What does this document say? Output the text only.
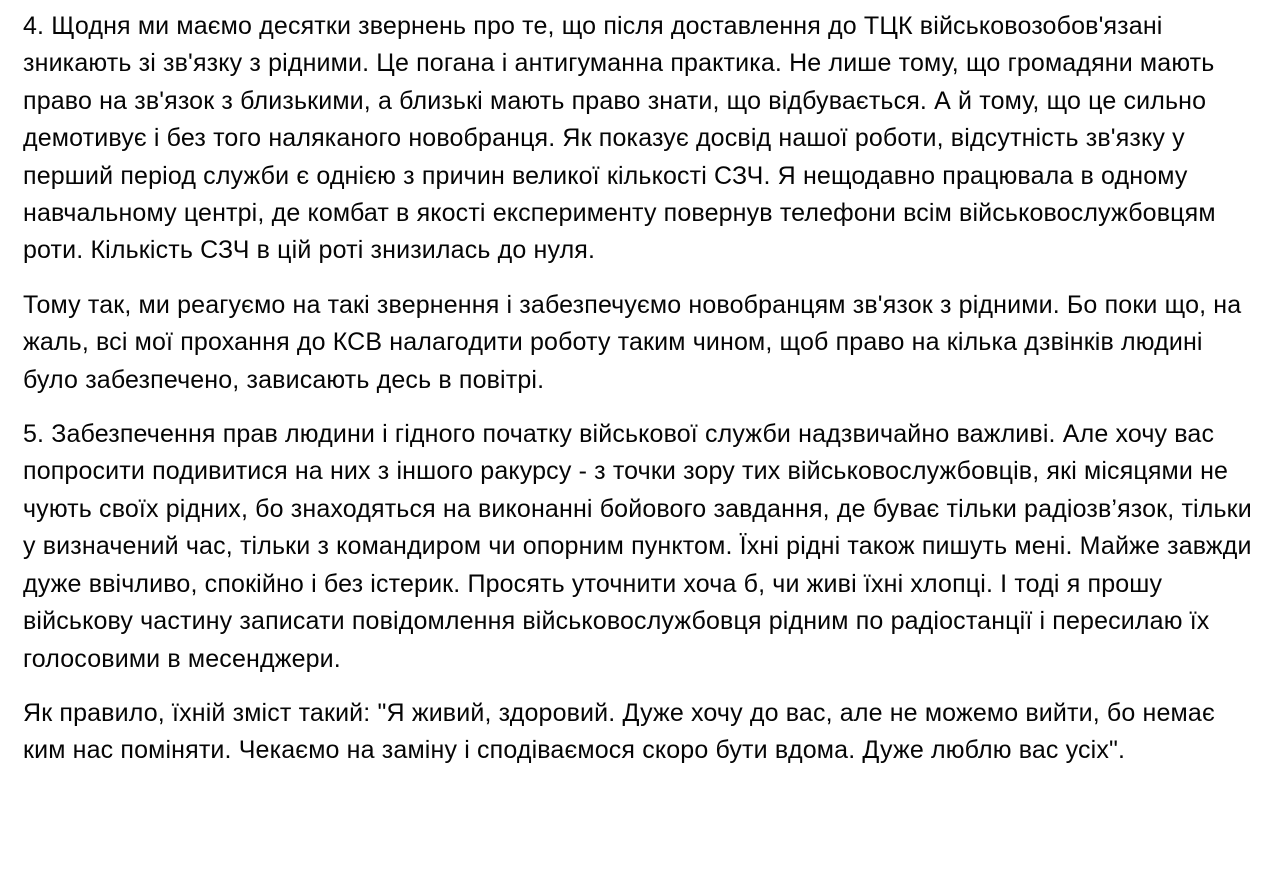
4. Щодня ми маємо десятки звернень про те, що після доставлення до ТЦК військовозобов'язані зникають зі зв'язку з рідними. Це погана і антигуманна практика. Не лише тому, що громадяни мають право на зв'язок з близькими, а близькі мають право знати, що відбувається. А й тому, що це сильно демотивує і без того наляканого новобранця. Як показує досвід нашої роботи, відсутність зв'язку у перший період служби є однією з причин великої кількості СЗЧ. Я нещодавно працювала в одному навчальному центрі, де комбат в якості експерименту повернув телефони всім військовослужбовцям роти. Кількість СЗЧ в цій роті знизилась до нуля.

Тому так, ми реагуємо на такі звернення і забезпечуємо новобранцям зв'язок з рідними. Бо поки що, на жаль, всі мої прохання до КСВ налагодити роботу таким чином, щоб право на кілька дзвінків людині було забезпечено, зависають десь в повітрі.

5. Забезпечення прав людини і гідного початку військової служби надзвичайно важливі. Але хочу вас попросити подивитися на них з іншого ракурсу - з точки зору тих військовослужбовців, які місяцями не чують своїх рідних, бо знаходяться на виконанні бойового завдання, де буває тільки радіозв’язок, тільки у визначений час, тільки з командиром чи опорним пунктом. Їхні рідні також пишуть мені. Майже завжди дуже ввічливо, спокійно і без істерик. Просять уточнити хоча б, чи живі їхні хлопці. І тоді я прошу військову частину записати повідомлення військовослужбовця рідним по радіостанції і пересилаю їх голосовими в месенджери.

Як правило, їхній зміст такий: "Я живий, здоровий. Дуже хочу до вас, але не можемо вийти, бо немає ким нас поміняти. Чекаємо на заміну і сподіваємося скоро бути вдома. Дуже люблю вас усіх".
